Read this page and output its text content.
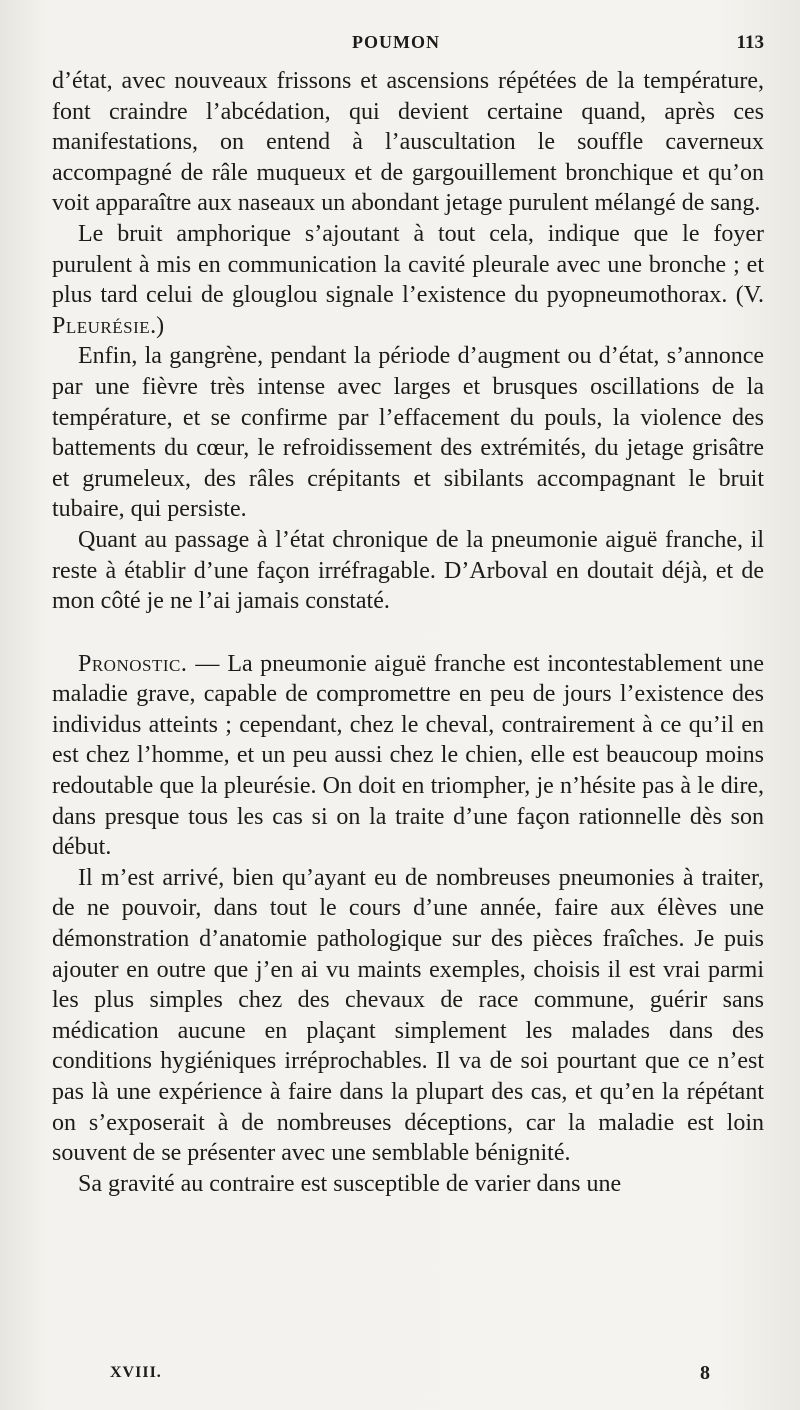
POUMON	113

d’état, avec nouveaux frissons et ascensions répétées de la température, font craindre l’abcédation, qui devient certaine quand, après ces manifestations, on entend à l’auscultation le souffle caverneux accompagné de râle muqueux et de gargouillement bronchique et qu’on voit apparaître aux naseaux un abondant jetage purulent mélangé de sang.

Le bruit amphorique s’ajoutant à tout cela, indique que le foyer purulent à mis en communication la cavité pleurale avec une bronche ; et plus tard celui de glouglou signale l’existence du pyopneumothorax. (V. Pleurésie.)

Enfin, la gangrène, pendant la période d’augment ou d’état, s’annonce par une fièvre très intense avec larges et brusques oscillations de la température, et se confirme par l’effacement du pouls, la violence des battements du cœur, le refroidissement des extrémités, du jetage grisâtre et grumeleux, des râles crépitants et sibilants accompagnant le bruit tubaire, qui persiste.

Quant au passage à l’état chronique de la pneumonie aiguë franche, il reste à établir d’une façon irréfragable. D’Arboval en doutait déjà, et de mon côté je ne l’ai jamais constaté.

Pronostic. — La pneumonie aiguë franche est incontestablement une maladie grave, capable de compromettre en peu de jours l’existence des individus atteints ; cependant, chez le cheval, contrairement à ce qu’il en est chez l’homme, et un peu aussi chez le chien, elle est beaucoup moins redoutable que la pleurésie. On doit en triompher, je n’hésite pas à le dire, dans presque tous les cas si on la traite d’une façon rationnelle dès son début.

Il m’est arrivé, bien qu’ayant eu de nombreuses pneumonies à traiter, de ne pouvoir, dans tout le cours d’une année, faire aux élèves une démonstration d’anatomie pathologique sur des pièces fraîches. Je puis ajouter en outre que j’en ai vu maints exemples, choisis il est vrai parmi les plus simples chez des chevaux de race commune, guérir sans médication aucune en plaçant simplement les malades dans des conditions hygiéniques irréprochables. Il va de soi pourtant que ce n’est pas là une expérience à faire dans la plupart des cas, et qu’en la répétant on s’exposerait à de nombreuses déceptions, car la maladie est loin souvent de se présenter avec une semblable bénignité.

Sa gravité au contraire est susceptible de varier dans une

XVIII.	8
